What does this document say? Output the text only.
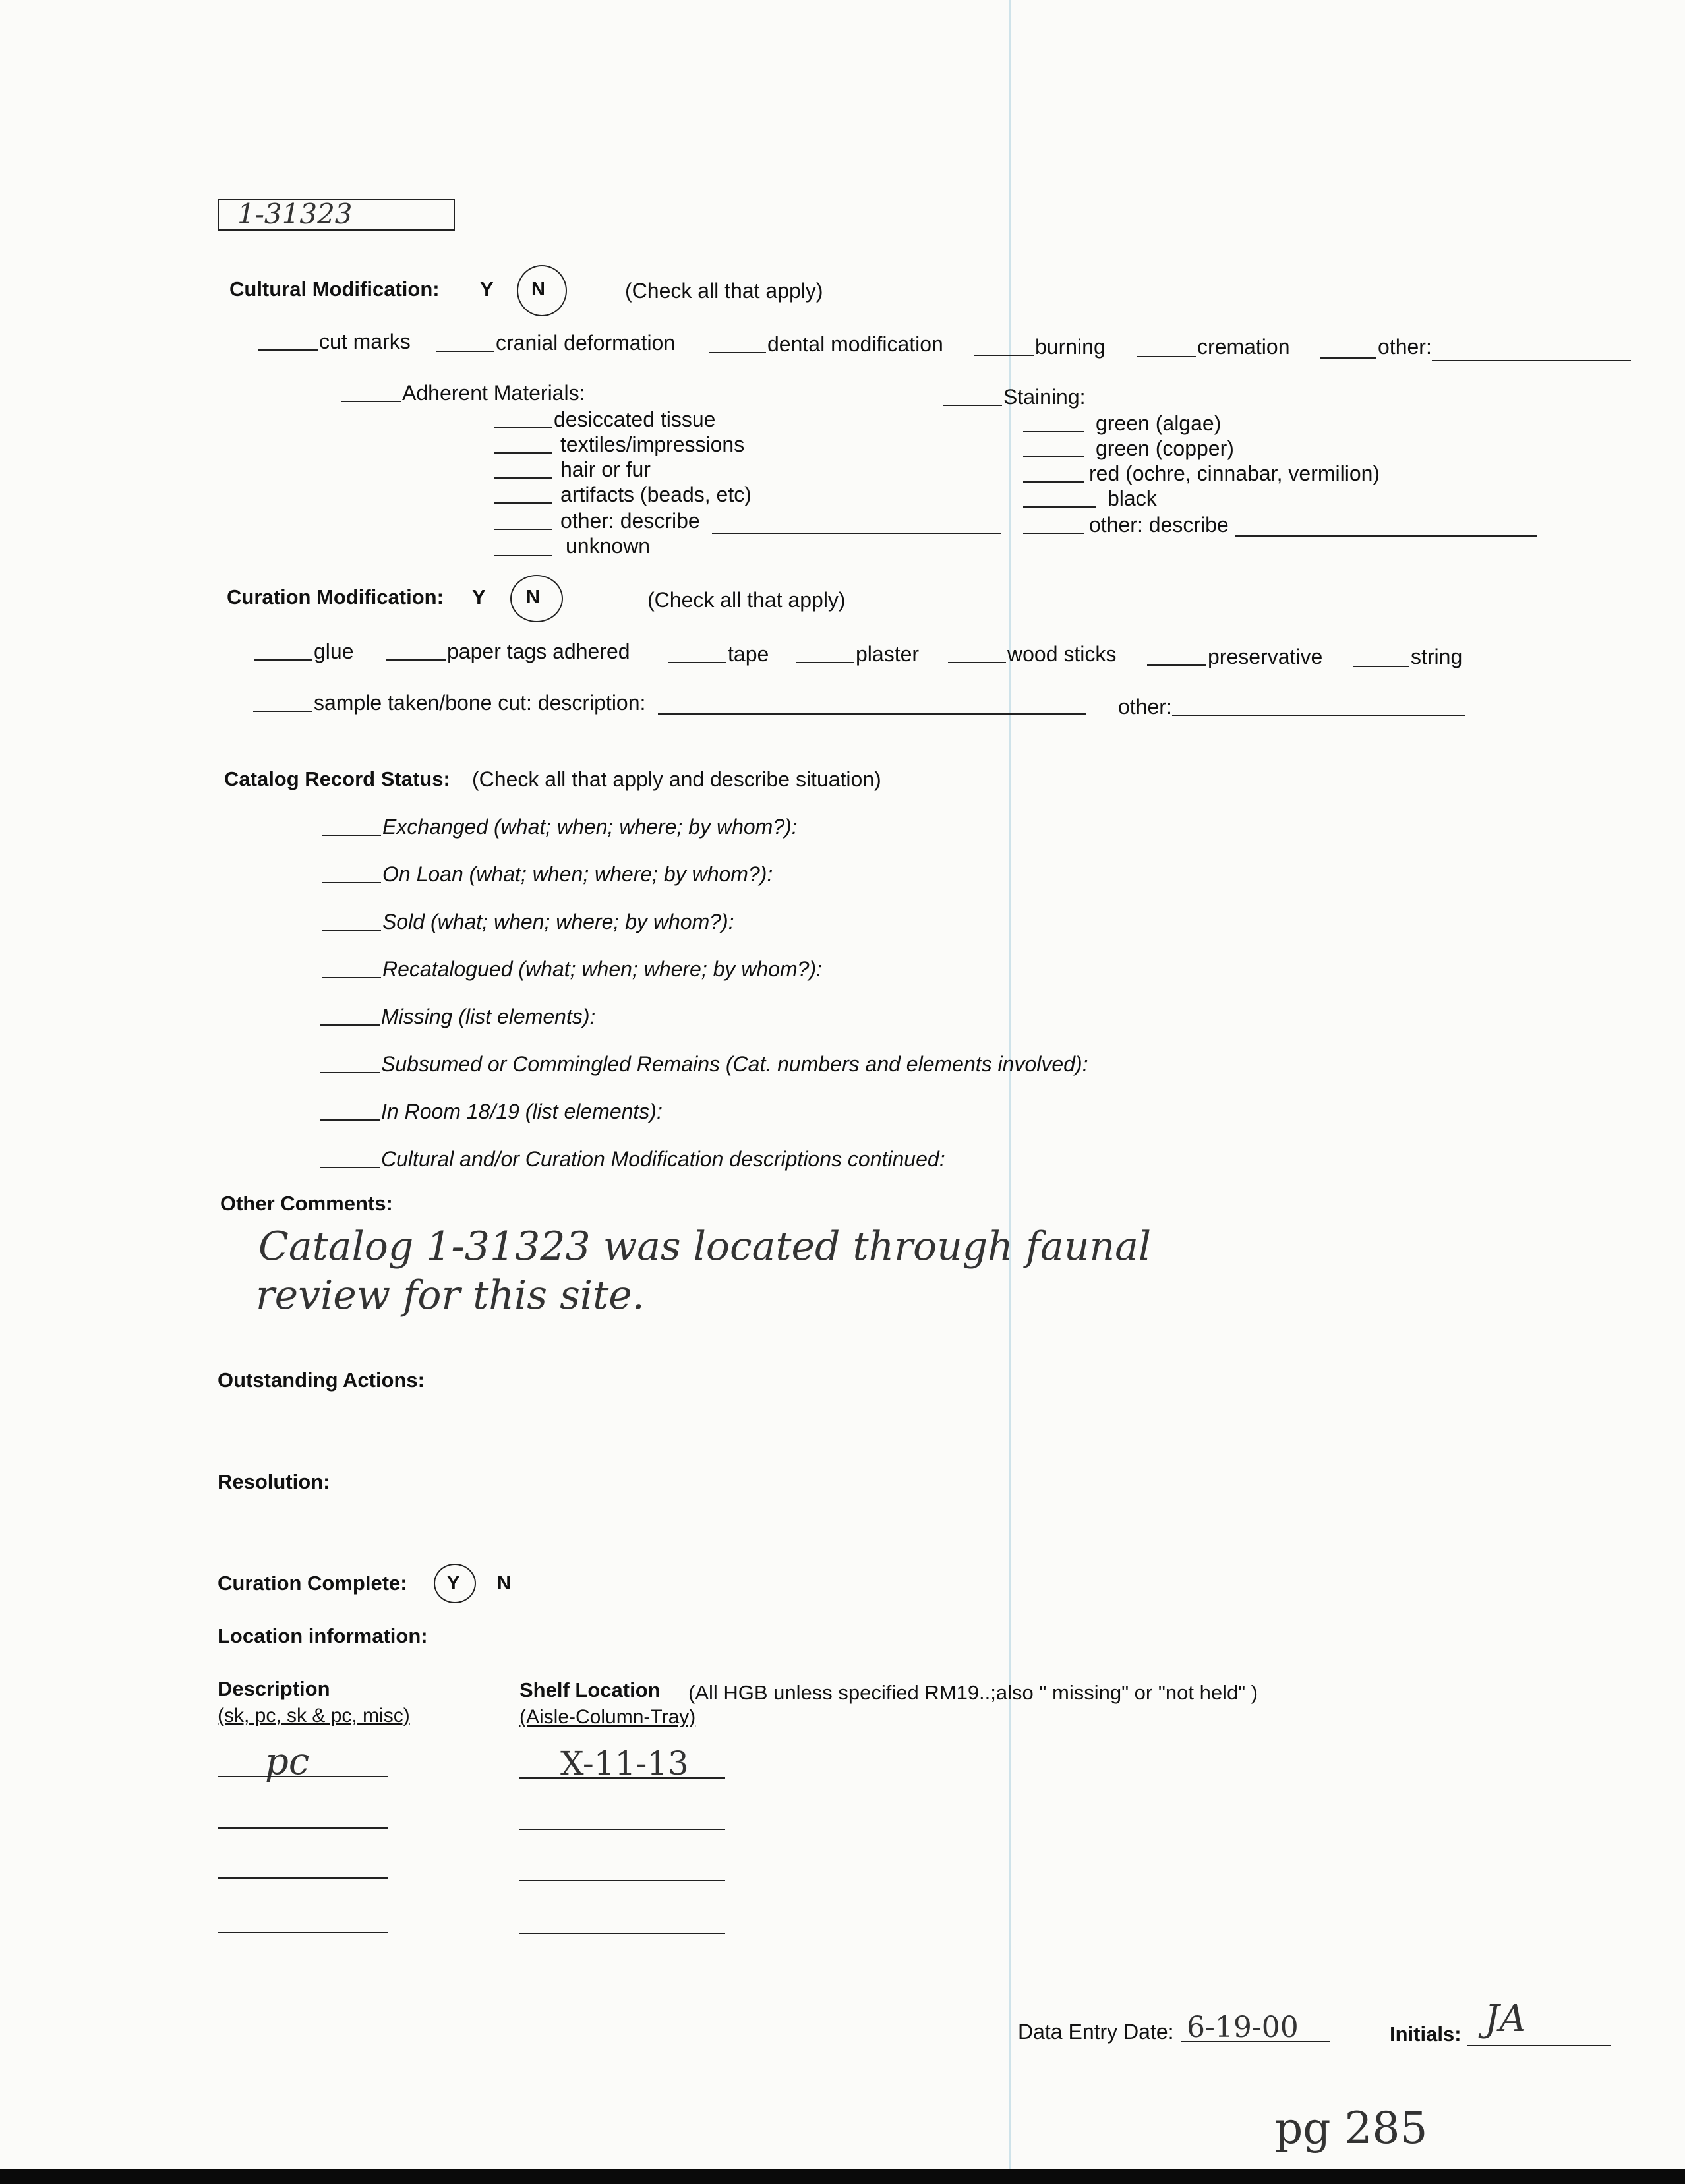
1-31323
Cultural Modification: Y N	(Check all that apply)
cut marks	cranial deformation	dental modification	burning	cremation	other:
Adherent Materials:
desiccated tissue
textiles/impressions
hair or fur
artifacts (beads, etc)
other: describe
unknown
Staining:
green (algae)
green (copper)
red (ochre, cinnabar, vermilion)
black
other: describe
Curation Modification: Y N	(Check all that apply)
glue	paper tags adhered	tape	plaster	wood sticks	preservative	string
sample taken/bone cut: description:	other:
Catalog Record Status: (Check all that apply and describe situation)
Exchanged (what; when; where; by whom?):
On Loan (what; when; where; by whom?):
Sold (what; when; where; by whom?):
Recatalogued (what; when; where; by whom?):
Missing (list elements):
Subsumed or Commingled Remains (Cat. numbers and elements involved):
In Room 18/19 (list elements):
Cultural and/or Curation Modification descriptions continued:
Other Comments:
Catalog 1-31323 was located through faunal
review for this site.
Outstanding Actions:
Resolution:
Curation Complete: Y N
Location information:
Description
(sk, pc, sk & pc, misc)
Shelf Location (All HGB unless specified RM19..;also " missing" or "not held" )
(Aisle-Column-Tray)
pc	X-11-13
Data Entry Date: 6-19-00	Initials: JA
pg 285
